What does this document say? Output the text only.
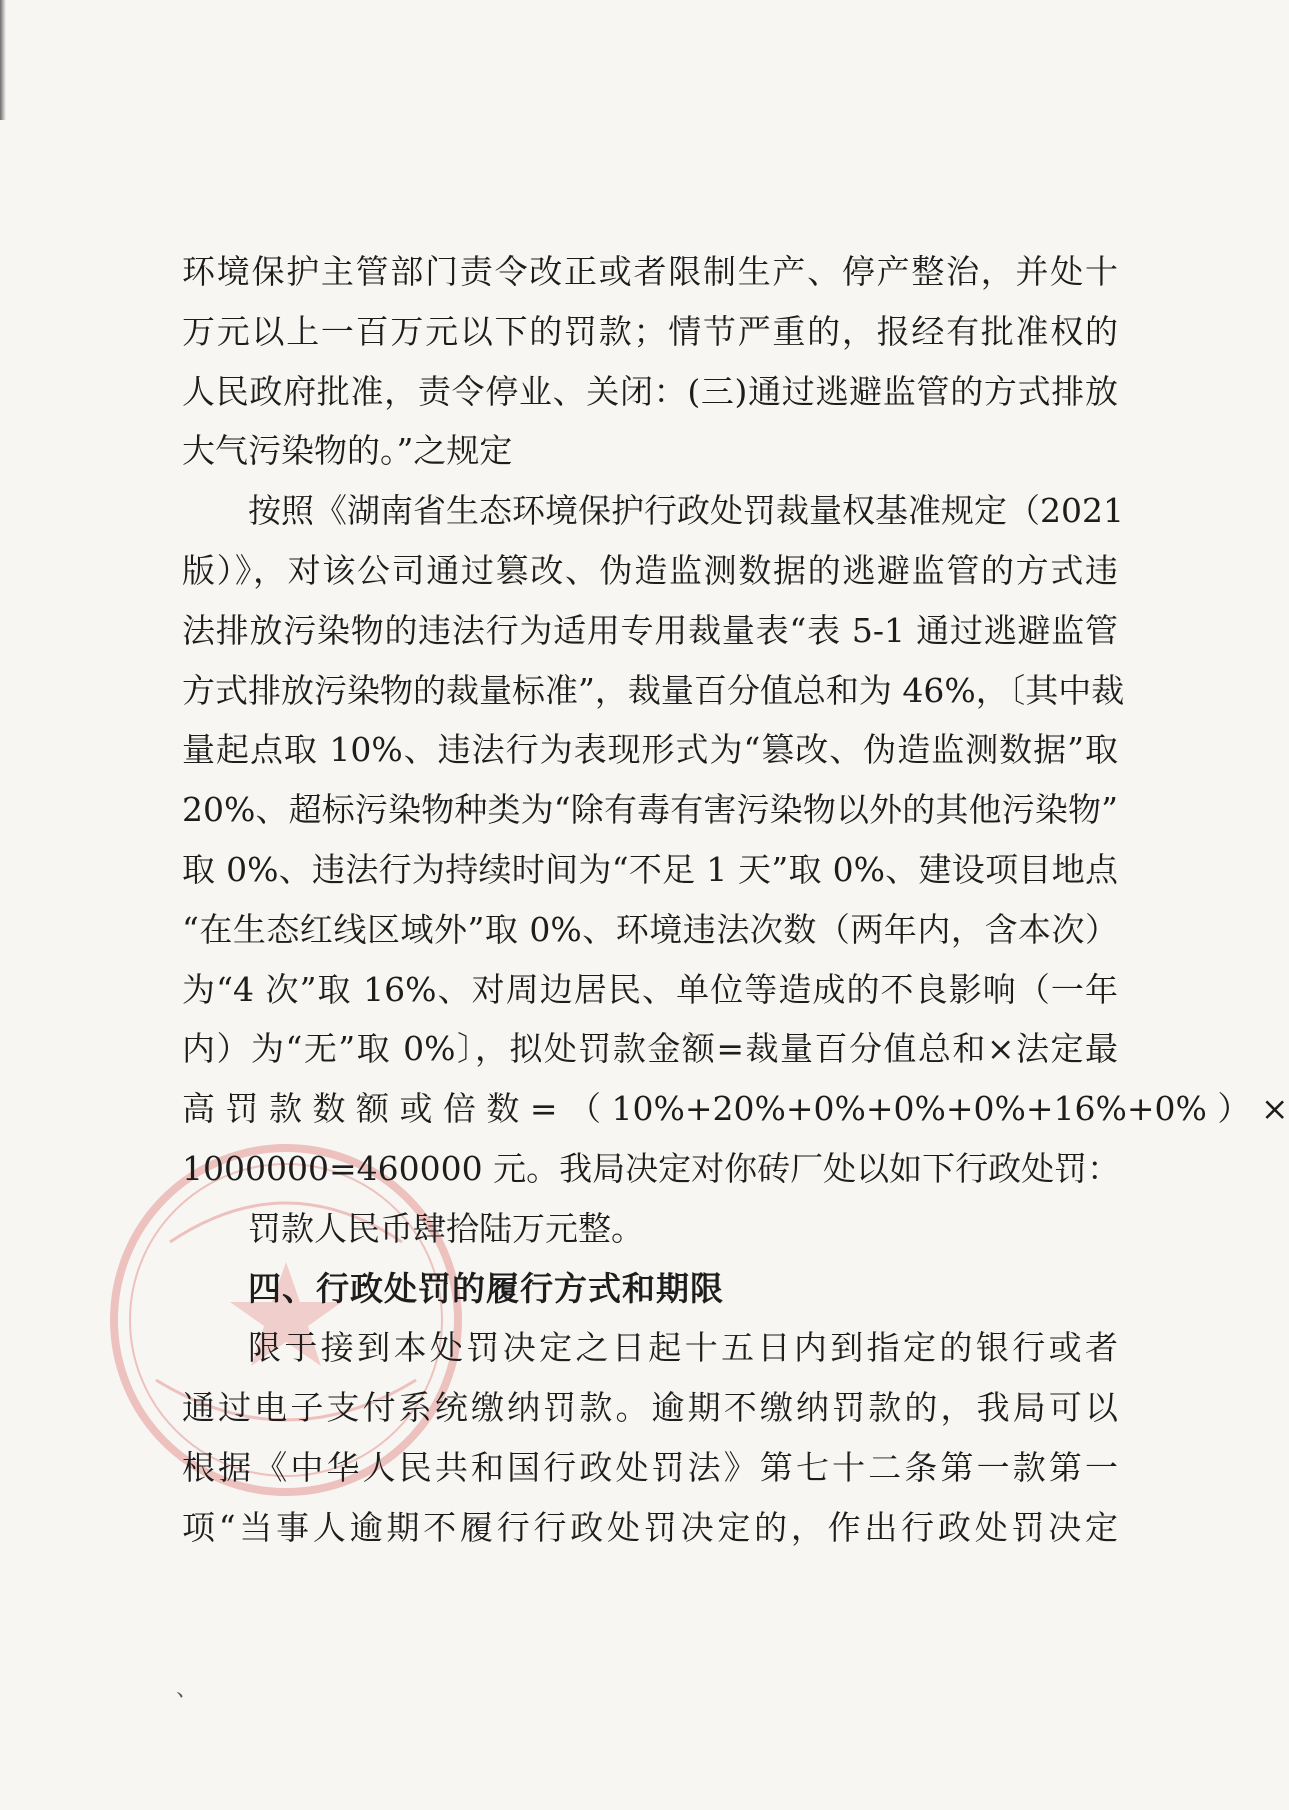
环境保护主管部门责令改正或者限制生产、停产整治，并处十
万元以上一百万元以下的罚款；情节严重的，报经有批准权的
人民政府批准，责令停业、关闭：(三)通过逃避监管的方式排放
大气污染物的。”之规定
按照《湖南省生态环境保护行政处罚裁量权基准规定（2021
版）》，对该公司通过篡改、伪造监测数据的逃避监管的方式违
法排放污染物的违法行为适用专用裁量表“表 5-1 通过逃避监管
方式排放污染物的裁量标准”，裁量百分值总和为 46%，〔其中裁
量起点取 10%、违法行为表现形式为“篡改、伪造监测数据”取
20%、超标污染物种类为“除有毒有害污染物以外的其他污染物”
取 0%、违法行为持续时间为“不足 1 天”取 0%、建设项目地点
“在生态红线区域外”取 0%、环境违法次数（两年内，含本次）
为“4 次”取 16%、对周边居民、单位等造成的不良影响（一年
内）为“无”取 0%〕，拟处罚款金额=裁量百分值总和×法定最
高 罚 款 数 额 或 倍 数 = （ 10%+20%+0%+0%+0%+16%+0% ） ×
1000000=460000 元。我局决定对你砖厂处以如下行政处罚：
罚款人民币肆拾陆万元整。
四、行政处罚的履行方式和期限
限于接到本处罚决定之日起十五日内到指定的银行或者
通过电子支付系统缴纳罚款。逾期不缴纳罚款的，我局可以
根据《中华人民共和国行政处罚法》第七十二条第一款第一
项“当事人逾期不履行行政处罚决定的，作出行政处罚决定
、
